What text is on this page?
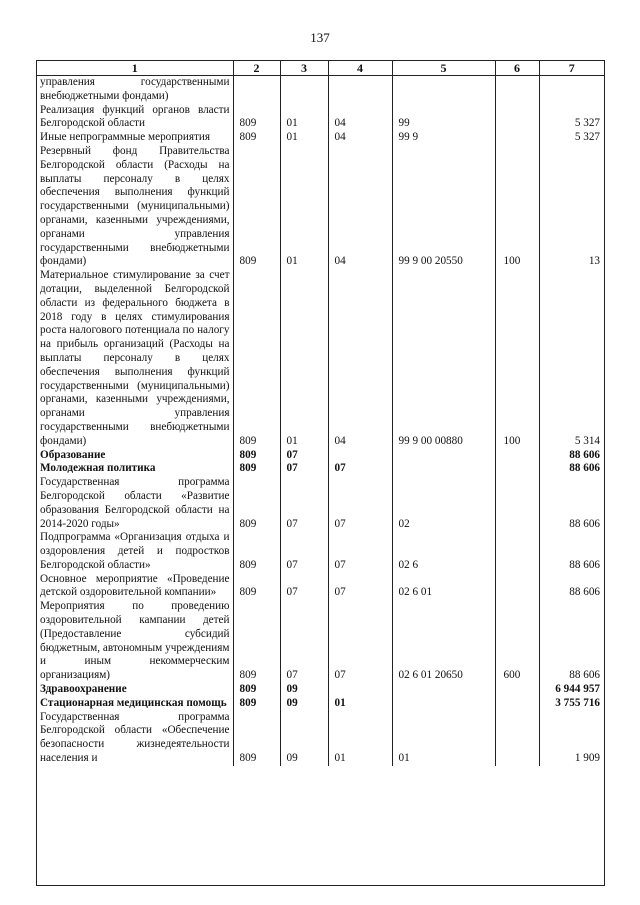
137
1	2	3	4	5	6	7
управления государственными внебюджетными фондами)						
Реализация функций органов власти Белгородской области	809	01	04	99		5 327
Иные непрограммные мероприятия	809	01	04	99 9		5 327
Резервный фонд Правительства Белгородской области (Расходы на выплаты персоналу в целях обеспечения выполнения функций государственными (муниципальными) органами, казенными учреждениями, органами управления государственными внебюджетными фондами)	809	01	04	99 9 00 20550	100	13
Материальное стимулирование за счет дотации, выделенной Белгородской области из федерального бюджета в 2018 году в целях стимулирования роста налогового потенциала по налогу на прибыль организаций (Расходы на выплаты персоналу в целях обеспечения выполнения функций государственными (муниципальными) органами, казенными учреждениями, органами управления государственными внебюджетными фондами)	809	01	04	99 9 00 00880	100	5 314
Образование	809	07				88 606
Молодежная политика	809	07	07			88 606
Государственная программа Белгородской области «Развитие образования Белгородской области на 2014-2020 годы»	809	07	07	02		88 606
Подпрограмма «Организация отдыха и оздоровления детей и подростков Белгородской области»	809	07	07	02 6		88 606
Основное мероприятие «Проведение детской оздоровительной компании»	809	07	07	02 6 01		88 606
Мероприятия по проведению оздоровительной кампании детей (Предоставление субсидий бюджетным, автономным учреждениям и иным некоммерческим организациям)	809	07	07	02 6 01 20650	600	88 606
Здравоохранение	809	09				6 944 957
Стационарная медицинская помощь	809	09	01			3 755 716
Государственная программа Белгородской области «Обеспечение безопасности жизнедеятельности населения и	809	09	01	01		1 909
